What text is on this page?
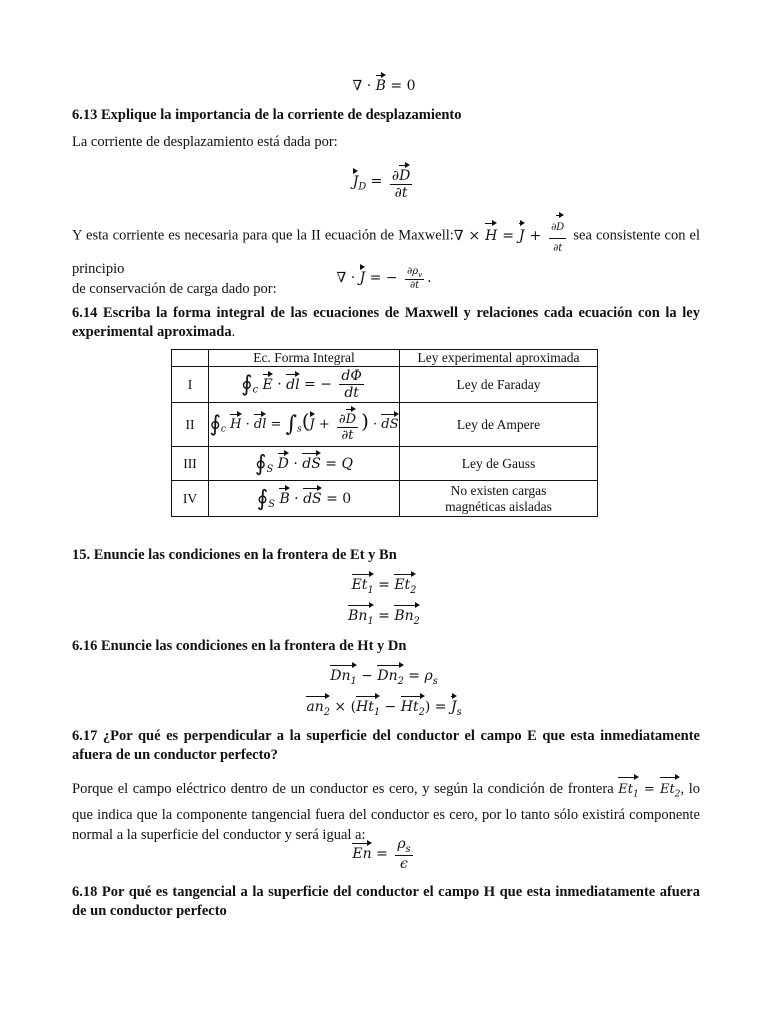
∇ · B = 0
6.13 Explique la importancia de la corriente de desplazamiento
La corriente de desplazamiento está dada por:
$J_D = \frac{\partial D}{\partial t}$
Y esta corriente es necesaria para que la II ecuación de Maxwell:∇ × $H = J + \frac{\partial D}{\partial t}$ sea consistente con el principio
de conservación de carga dado por:
∇ · J = − $\frac{\partial\rho_v}{\partial t}$ .
6.14 Escriba la forma integral de las ecuaciones de Maxwell y relaciones cada ecuación con la ley experimental aproximada.
	Ec. Forma Integral	Ley experimental aproximada
I	$∮_c$ E · dl = − $\frac{d\Phi}{dt}$	Ley de Faraday
II	$∮_c$ H · dl = $\int_s(J + \frac{\partial D}{\partial t}$ ) · dS	Ley de Ampere
III	$∮_S$ D · dS = Q	Ley de Gauss
IV	$∮_S$ B · dS = 0	No existen cargas magnéticas aisladas
15. Enuncie las condiciones en la frontera de Et y Bn
$Et_1 = Et_2$
$Bn_1 = Bn_2$
6.16 Enuncie las condiciones en la frontera de Ht y Dn
$Dn_1 - Dn_2 = \rho_s$
$an_2 \times (Ht_1 - Ht_2) = J_s$
6.17 ¿Por qué es perpendicular a la superficie del conductor el campo E que esta inmediatamente afuera de un conductor perfecto?
Porque el campo eléctrico dentro de un conductor es cero, y según la condición de frontera $Et_1 = Et_2$, lo que indica que la componente tangencial fuera del conductor es cero, por lo tanto sólo existirá componente normal a la superficie del conductor y será igual a:
$En = \frac{\rho_s}{\epsilon}$
6.18 Por qué es tangencial a la superficie del conductor el campo H que esta inmediatamente afuera de un conductor perfecto
